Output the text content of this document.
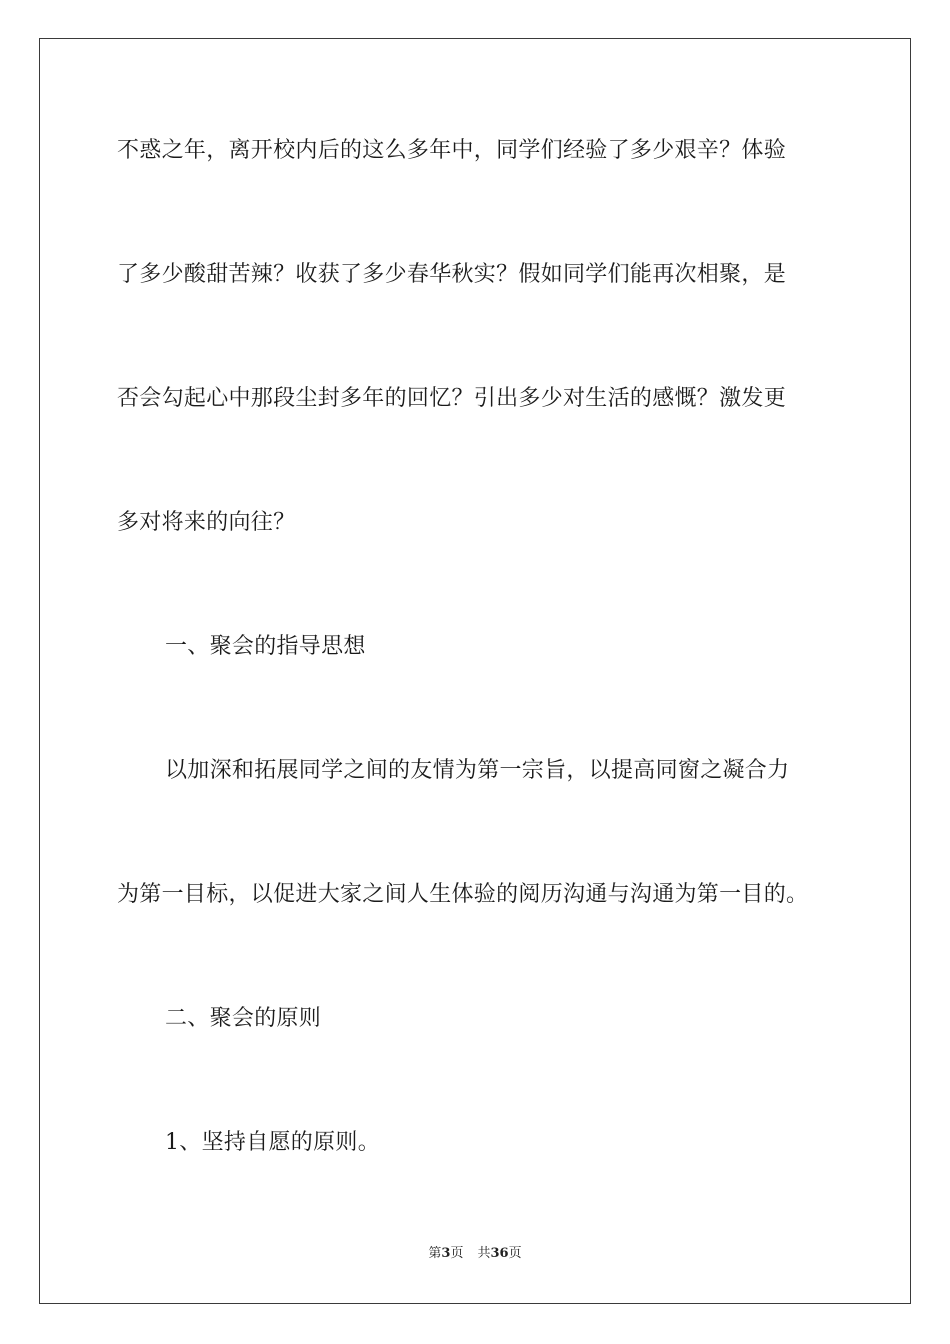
不惑之年，离开校内后的这么多年中，同学们经验了多少艰辛？体验
了多少酸甜苦辣？收获了多少春华秋实？假如同学们能再次相聚，是
否会勾起心中那段尘封多年的回忆？引出多少对生活的感慨？激发更
多对将来的向往？
一、聚会的指导思想
以加深和拓展同学之间的友情为第一宗旨，以提高同窗之凝合力
为第一目标，以促进大家之间人生体验的阅历沟通与沟通为第一目的。
二、聚会的原则
1、坚持自愿的原则。
第3页 共36页
